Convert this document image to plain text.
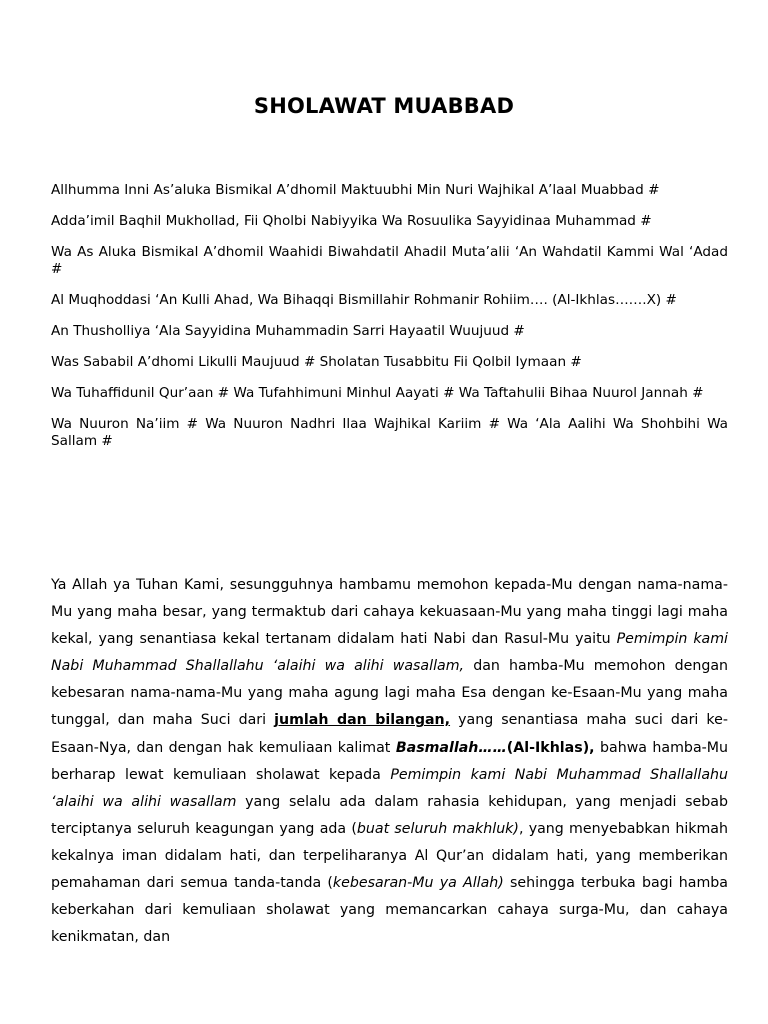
SHOLAWAT MUABBAD

Allhumma Inni As’aluka Bismikal A’dhomil Maktuubhi Min Nuri Wajhikal A’laal Muabbad #

Adda’imil Baqhil Mukhollad, Fii Qholbi Nabiyyika Wa Rosuulika Sayyidinaa Muhammad #

Wa As Aluka Bismikal A’dhomil Waahidi Biwahdatil Ahadil Muta’alii ‘An Wahdatil Kammi Wal ‘Adad #

Al Muqhoddasi ‘An Kulli Ahad, Wa Bihaqqi Bismillahir Rohmanir Rohiim…. (Al-Ikhlas…….X) #

An Thusholliya ‘Ala Sayyidina Muhammadin Sarri Hayaatil Wuujuud #

Was Sababil A’dhomi Likulli Maujuud # Sholatan Tusabbitu Fii Qolbil Iymaan #

Wa Tuhaffidunil Qur’aan # Wa Tufahhimuni Minhul Aayati # Wa Taftahulii Bihaa Nuurol Jannah #

Wa Nuuron Na’iim # Wa Nuuron Nadhri Ilaa Wajhikal Kariim # Wa ‘Ala Aalihi Wa Shohbihi Wa Sallam #

Ya Allah ya Tuhan Kami, sesungguhnya hambamu memohon kepada-Mu dengan nama-nama-Mu yang maha besar, yang termaktub dari cahaya kekuasaan-Mu yang maha tinggi lagi maha kekal, yang senantiasa kekal tertanam didalam hati Nabi dan Rasul-Mu yaitu Pemimpin kami Nabi Muhammad Shallallahu ‘alaihi wa alihi wasallam, dan hamba-Mu memohon dengan kebesaran nama-nama-Mu yang maha agung lagi maha Esa dengan ke-Esaan-Mu yang maha tunggal, dan maha Suci dari jumlah dan bilangan, yang senantiasa maha suci dari ke-Esaan-Nya, dan dengan hak kemuliaan kalimat Basmallah……(Al-Ikhlas), bahwa hamba-Mu berharap lewat kemuliaan sholawat kepada Pemimpin kami Nabi Muhammad Shallallahu ‘alaihi wa alihi wasallam yang selalu ada dalam rahasia kehidupan, yang menjadi sebab terciptanya seluruh keagungan yang ada (buat seluruh makhluk), yang menyebabkan hikmah kekalnya iman didalam hati, dan terpeliharanya Al Qur’an didalam hati, yang memberikan pemahaman dari semua tanda-tanda (kebesaran-Mu ya Allah) sehingga terbuka bagi hamba keberkahan dari kemuliaan sholawat yang memancarkan cahaya surga-Mu, dan cahaya kenikmatan, dan
